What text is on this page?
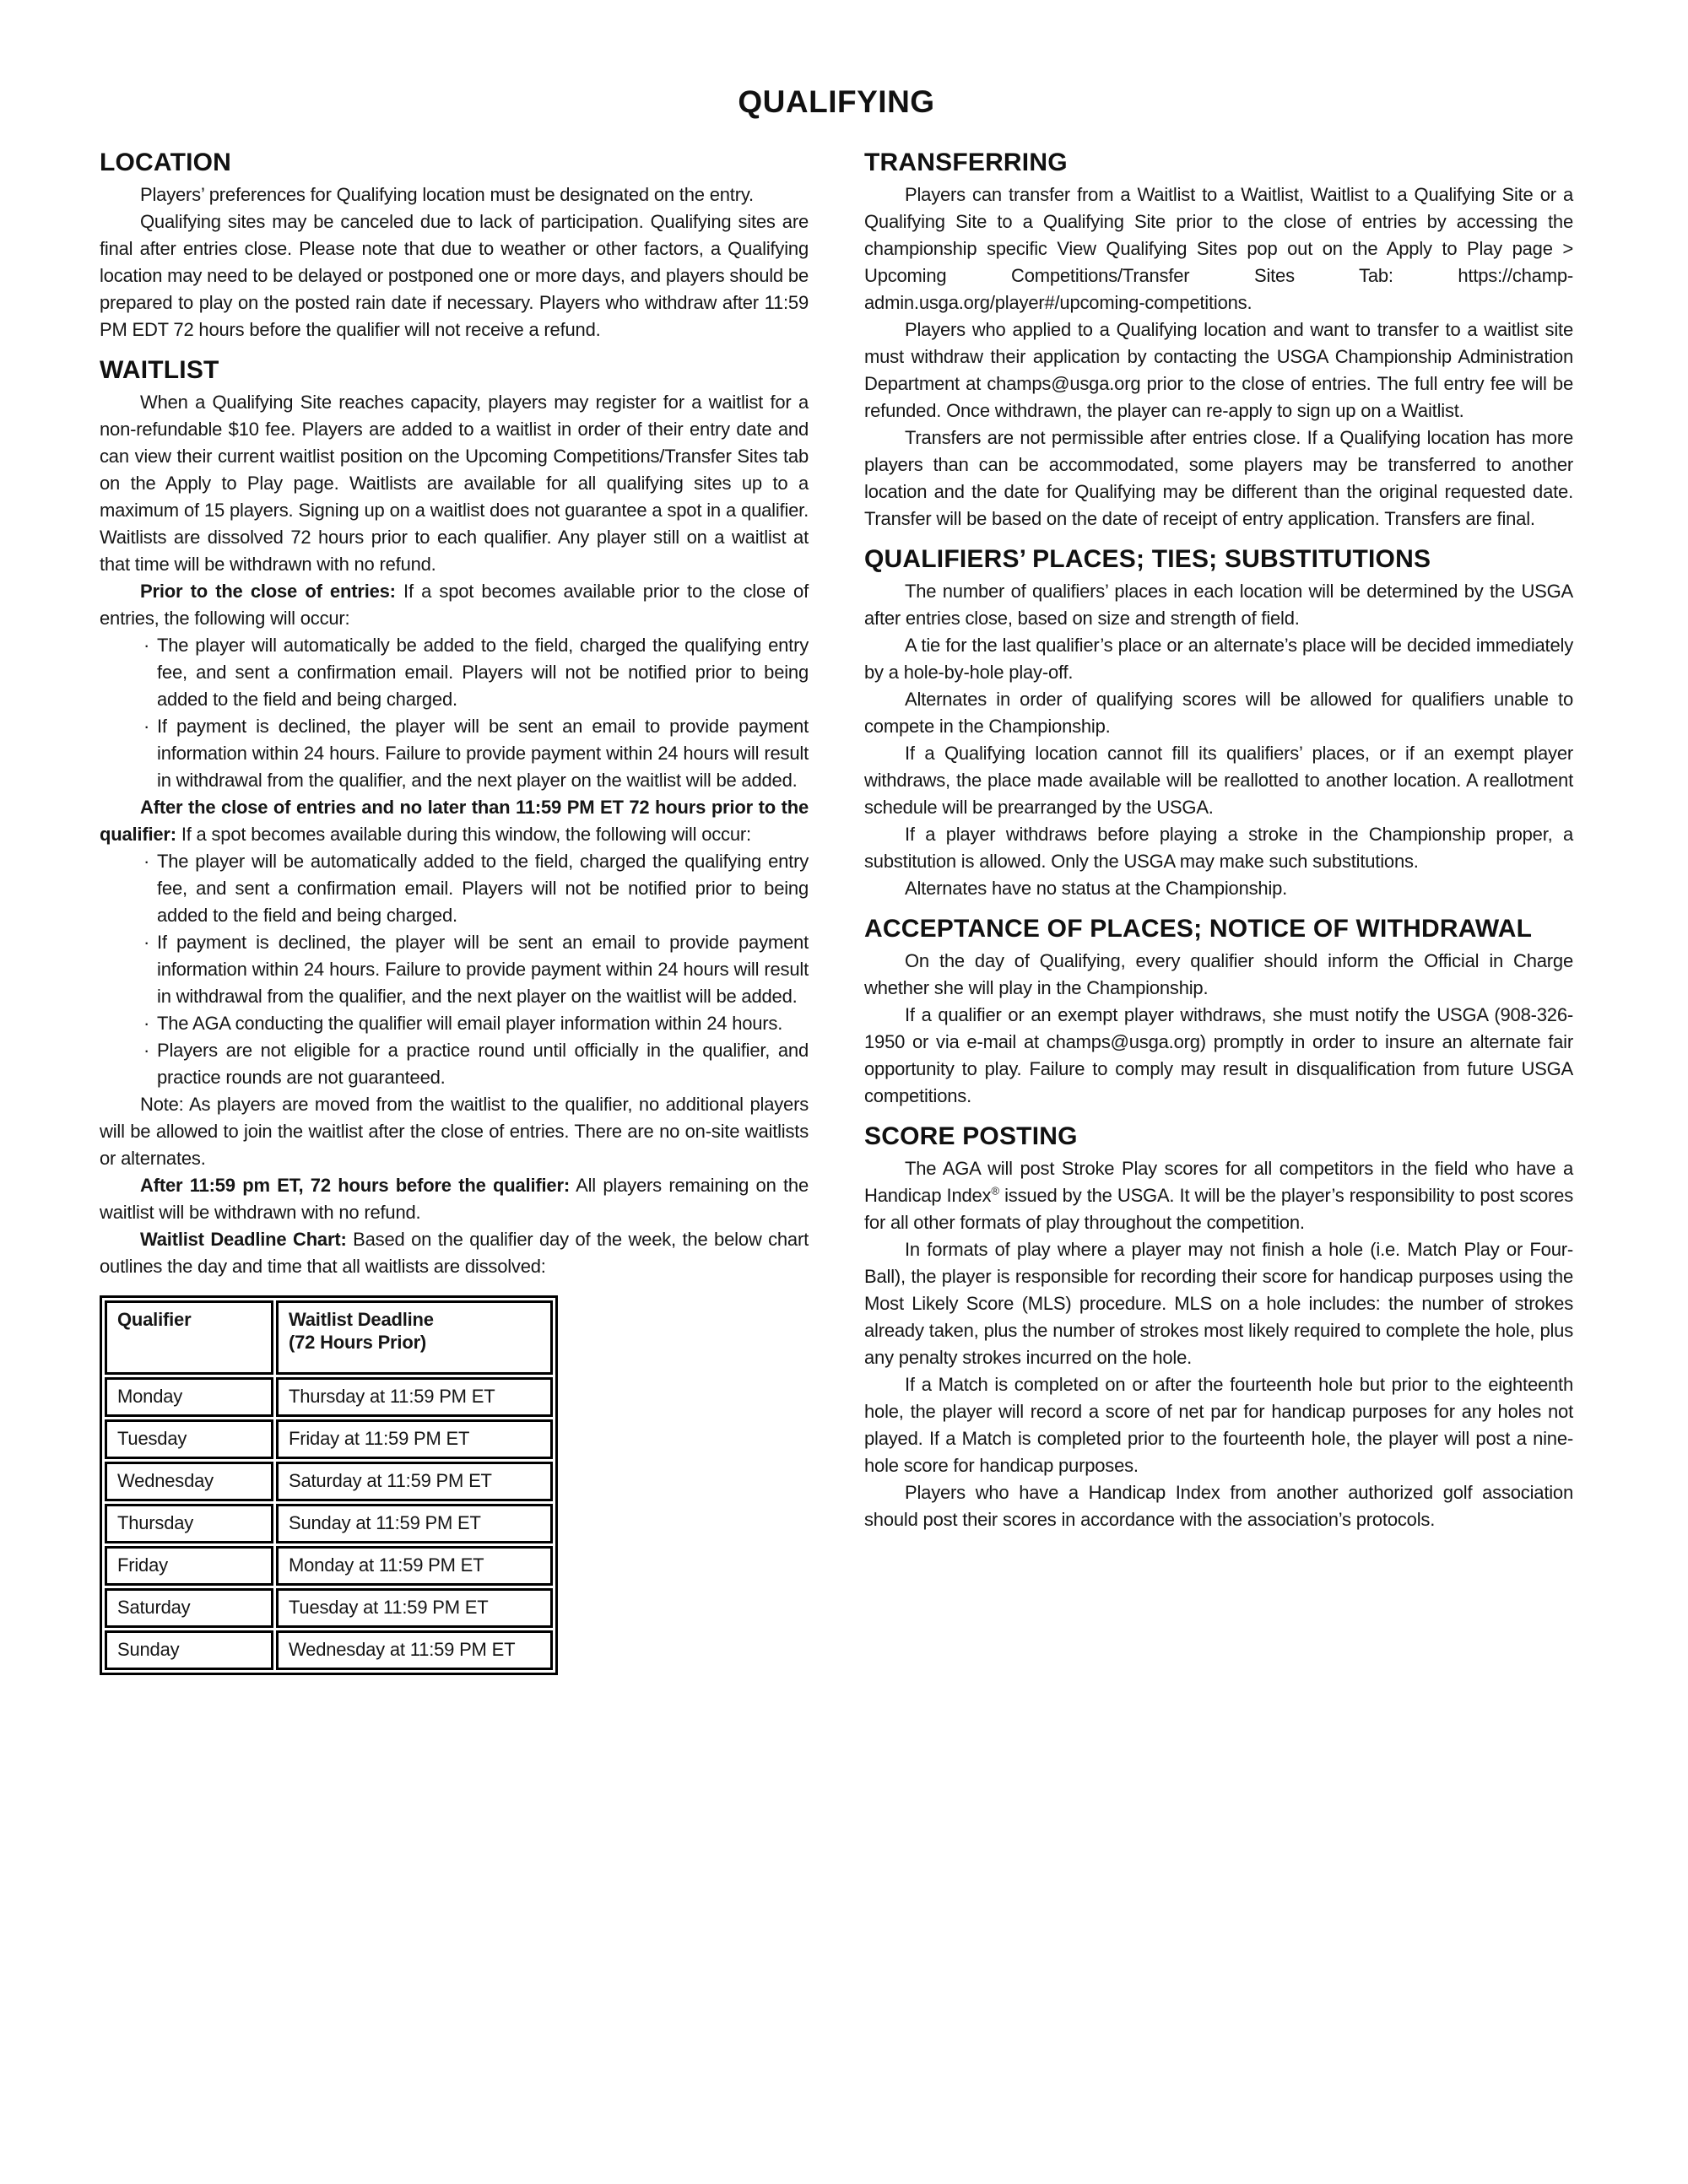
QUALIFYING
LOCATION

Players’ preferences for Qualifying location must be designated on the entry.

Qualifying sites may be canceled due to lack of participation. Qualifying sites are final after entries close. Please note that due to weather or other factors, a Qualifying location may need to be delayed or postponed one or more days, and players should be prepared to play on the posted rain date if necessary. Players who withdraw after 11:59 PM EDT 72 hours before the qualifier will not receive a refund.

WAITLIST

When a Qualifying Site reaches capacity, players may register for a waitlist for a non-refundable $10 fee. Players are added to a waitlist in order of their entry date and can view their current waitlist position on the Upcoming Competitions/Transfer Sites tab on the Apply to Play page. Waitlists are available for all qualifying sites up to a maximum of 15 players. Signing up on a waitlist does not guarantee a spot in a qualifier. Waitlists are dissolved 72 hours prior to each qualifier. Any player still on a waitlist at that time will be withdrawn with no refund.

Prior to the close of entries: If a spot becomes available prior to the close of entries, the following will occur:

· The player will automatically be added to the field, charged the qualifying entry fee, and sent a confirmation email. Players will not be notified prior to being added to the field and being charged.
· If payment is declined, the player will be sent an email to provide payment information within 24 hours. Failure to provide payment within 24 hours will result in withdrawal from the qualifier, and the next player on the waitlist will be added.

After the close of entries and no later than 11:59 PM ET 72 hours prior to the qualifier: If a spot becomes available during this window, the following will occur:

· The player will be automatically added to the field, charged the qualifying entry fee, and sent a confirmation email. Players will not be notified prior to being added to the field and being charged.
· If payment is declined, the player will be sent an email to provide payment information within 24 hours. Failure to provide payment within 24 hours will result in withdrawal from the qualifier, and the next player on the waitlist will be added.
· The AGA conducting the qualifier will email player information within 24 hours.
· Players are not eligible for a practice round until officially in the qualifier, and practice rounds are not guaranteed.

Note: As players are moved from the waitlist to the qualifier, no additional players will be allowed to join the waitlist after the close of entries. There are no on-site waitlists or alternates.

After 11:59 pm ET, 72 hours before the qualifier: All players remaining on the waitlist will be withdrawn with no refund.

Waitlist Deadline Chart: Based on the qualifier day of the week, the below chart outlines the day and time that all waitlists are dissolved:

Qualifier	Waitlist Deadline
(72 Hours Prior)
Monday	Thursday at 11:59 PM ET
Tuesday	Friday at 11:59 PM ET
Wednesday	Saturday at 11:59 PM ET
Thursday	Sunday at 11:59 PM ET
Friday	Monday at 11:59 PM ET
Saturday	Tuesday at 11:59 PM ET
Sunday	Wednesday at 11:59 PM ET
TRANSFERRING

Players can transfer from a Waitlist to a Waitlist, Waitlist to a Qualifying Site or a Qualifying Site to a Qualifying Site prior to the close of entries by accessing the championship specific View Qualifying Sites pop out on the Apply to Play page > Upcoming Competitions/Transfer Sites Tab: https://champ-admin.usga.org/player#/upcoming-competitions.

Players who applied to a Qualifying location and want to transfer to a waitlist site must withdraw their application by contacting the USGA Championship Administration Department at champs@usga.org prior to the close of entries. The full entry fee will be refunded. Once withdrawn, the player can re-apply to sign up on a Waitlist.

Transfers are not permissible after entries close. If a Qualifying location has more players than can be accommodated, some players may be transferred to another location and the date for Qualifying may be different than the original requested date. Transfer will be based on the date of receipt of entry application. Transfers are final.

QUALIFIERS’ PLACES; TIES; SUBSTITUTIONS

The number of qualifiers’ places in each location will be determined by the USGA after entries close, based on size and strength of field.

A tie for the last qualifier’s place or an alternate’s place will be decided immediately by a hole-by-hole play-off.

Alternates in order of qualifying scores will be allowed for qualifiers unable to compete in the Championship.

If a Qualifying location cannot fill its qualifiers’ places, or if an exempt player withdraws, the place made available will be reallotted to another location. A reallotment schedule will be prearranged by the USGA.

If a player withdraws before playing a stroke in the Championship proper, a substitution is allowed. Only the USGA may make such substitutions.

Alternates have no status at the Championship.

ACCEPTANCE OF PLACES; NOTICE OF WITHDRAWAL

On the day of Qualifying, every qualifier should inform the Official in Charge whether she will play in the Championship.

If a qualifier or an exempt player withdraws, she must notify the USGA (908-326-1950 or via e-mail at champs@usga.org) promptly in order to insure an alternate fair opportunity to play. Failure to comply may result in disqualification from future USGA competitions.

SCORE POSTING

The AGA will post Stroke Play scores for all competitors in the field who have a Handicap Index® issued by the USGA. It will be the player’s responsibility to post scores for all other formats of play throughout the competition.

In formats of play where a player may not finish a hole (i.e. Match Play or Four-Ball), the player is responsible for recording their score for handicap purposes using the Most Likely Score (MLS) procedure. MLS on a hole includes: the number of strokes already taken, plus the number of strokes most likely required to complete the hole, plus any penalty strokes incurred on the hole.

If a Match is completed on or after the fourteenth hole but prior to the eighteenth hole, the player will record a score of net par for handicap purposes for any holes not played. If a Match is completed prior to the fourteenth hole, the player will post a nine-hole score for handicap purposes.

Players who have a Handicap Index from another authorized golf association should post their scores in accordance with the association’s protocols.
